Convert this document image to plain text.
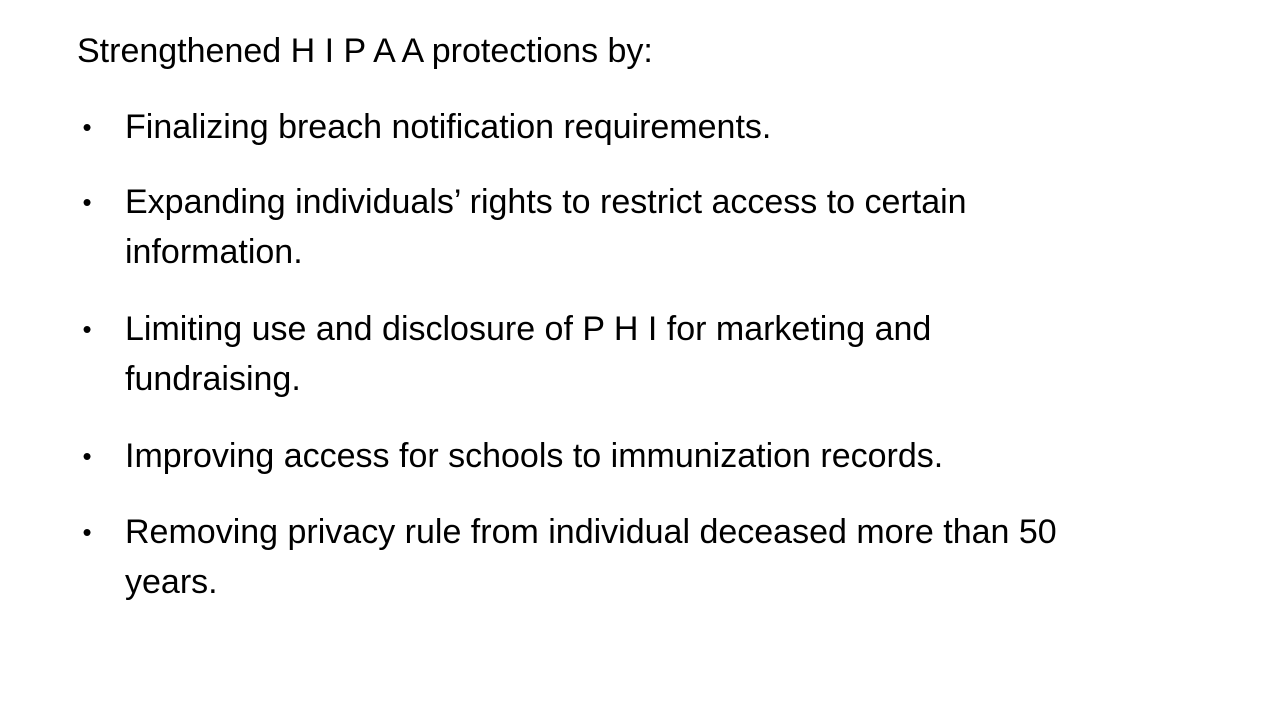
Strengthened H I P A A protections by:
• Finalizing breach notification requirements.
• Expanding individuals’ rights to restrict access to certain
information.
• Limiting use and disclosure of P H I for marketing and
fundraising.
• Improving access for schools to immunization records.
• Removing privacy rule from individual deceased more than 50
years.
